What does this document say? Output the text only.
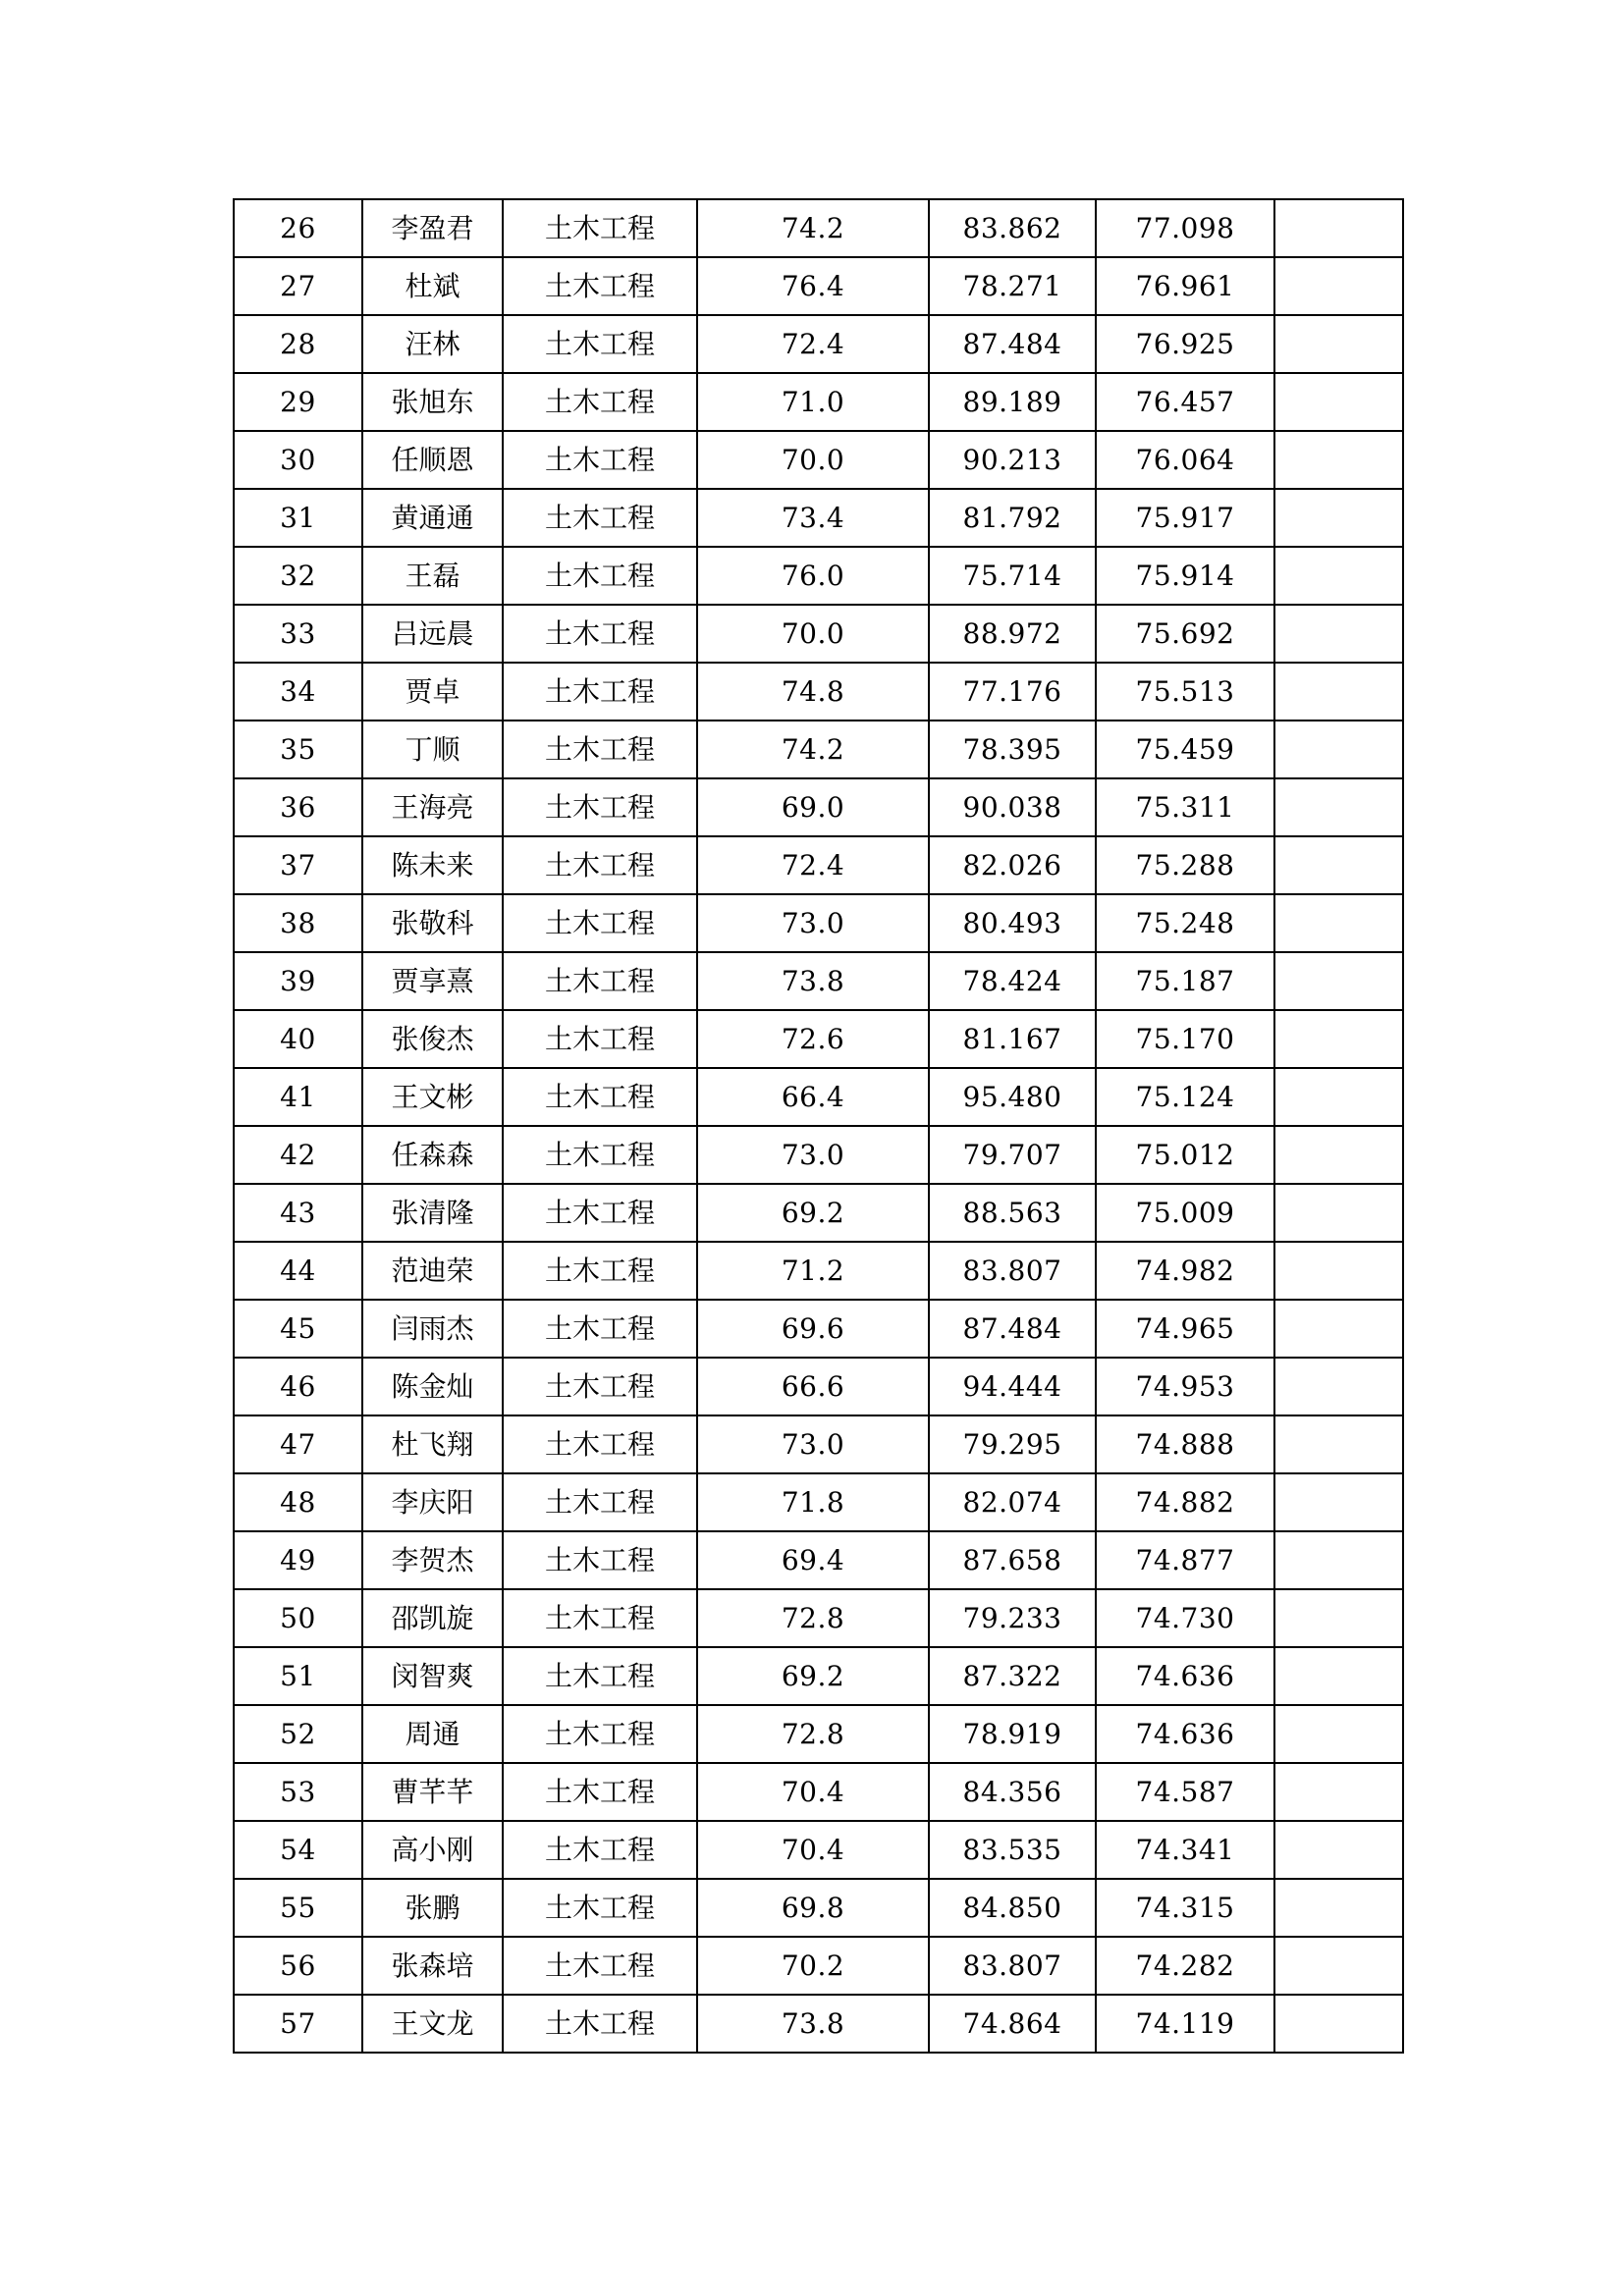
26	李盈君	土木工程	74.2	83.862	77.098	
27	杜斌	土木工程	76.4	78.271	76.961	
28	汪林	土木工程	72.4	87.484	76.925	
29	张旭东	土木工程	71.0	89.189	76.457	
30	任顺恩	土木工程	70.0	90.213	76.064	
31	黄通通	土木工程	73.4	81.792	75.917	
32	王磊	土木工程	76.0	75.714	75.914	
33	吕远晨	土木工程	70.0	88.972	75.692	
34	贾卓	土木工程	74.8	77.176	75.513	
35	丁顺	土木工程	74.2	78.395	75.459	
36	王海亮	土木工程	69.0	90.038	75.311	
37	陈未来	土木工程	72.4	82.026	75.288	
38	张敬科	土木工程	73.0	80.493	75.248	
39	贾享熹	土木工程	73.8	78.424	75.187	
40	张俊杰	土木工程	72.6	81.167	75.170	
41	王文彬	土木工程	66.4	95.480	75.124	
42	任森森	土木工程	73.0	79.707	75.012	
43	张清隆	土木工程	69.2	88.563	75.009	
44	范迪荣	土木工程	71.2	83.807	74.982	
45	闫雨杰	土木工程	69.6	87.484	74.965	
46	陈金灿	土木工程	66.6	94.444	74.953	
47	杜飞翔	土木工程	73.0	79.295	74.888	
48	李庆阳	土木工程	71.8	82.074	74.882	
49	李贺杰	土木工程	69.4	87.658	74.877	
50	邵凯旋	土木工程	72.8	79.233	74.730	
51	闵智爽	土木工程	69.2	87.322	74.636	
52	周通	土木工程	72.8	78.919	74.636	
53	曹芊芊	土木工程	70.4	84.356	74.587	
54	高小刚	土木工程	70.4	83.535	74.341	
55	张鹏	土木工程	69.8	84.850	74.315	
56	张森培	土木工程	70.2	83.807	74.282	
57	王文龙	土木工程	73.8	74.864	74.119	
